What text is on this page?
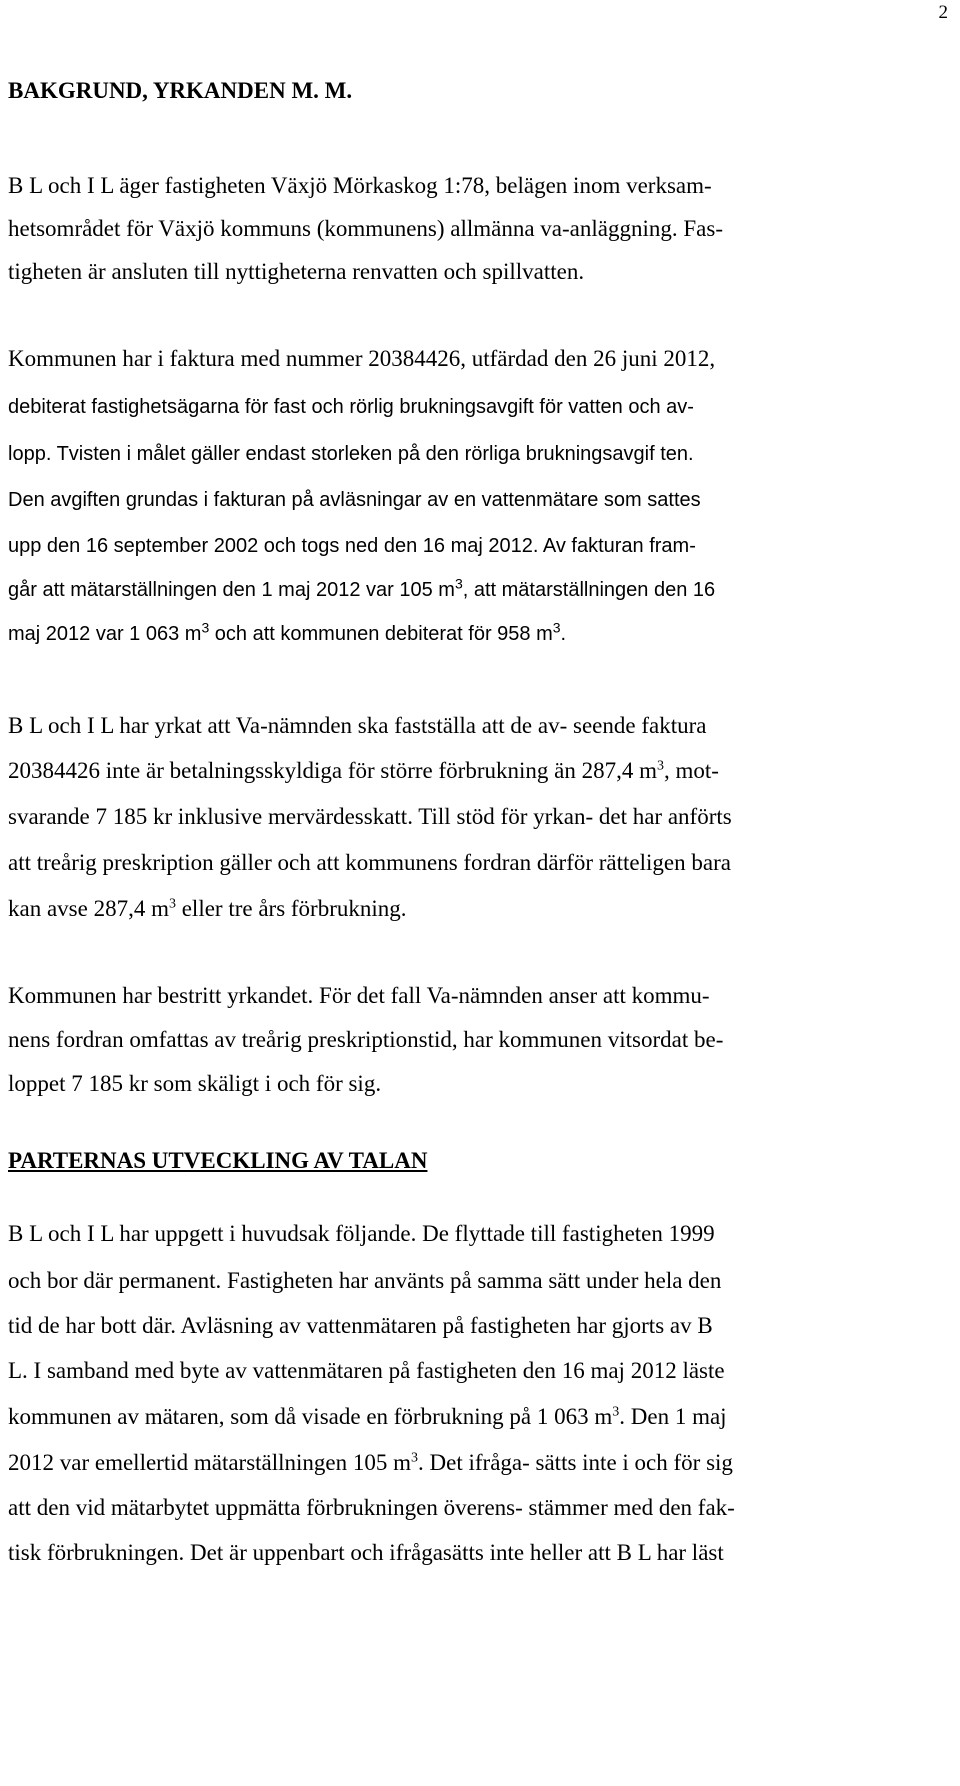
2
BAKGRUND, YRKANDEN M. M.
B L och I L äger fastigheten Växjö Mörkaskog 1:78, belägen inom verksam-
hetsområdet för Växjö kommuns (kommunens) allmänna va-anläggning. Fas-
tigheten är ansluten till nyttigheterna renvatten och spillvatten.
Kommunen har i faktura med nummer 20384426, utfärdad den 26 juni 2012,
debiterat fastighetsägarna för fast och rörlig brukningsavgift för vatten och av-
lopp. Tvisten i målet gäller endast storleken på den rörliga brukningsavgif ten.
Den avgiften grundas i fakturan på avläsningar av en vattenmätare som sattes
upp den 16 september 2002 och togs ned den 16 maj 2012. Av fakturan fram-
går att mätarställningen den 1 maj 2012 var 105 $m^3$, att mätarställningen den 16
maj 2012 var 1 063 $m^3$ och att kommunen debiterat för 958 $m^3$.
B L och I L har yrkat att Va-nämnden ska fastställa att de av- seende faktura
20384426 inte är betalningsskyldiga för större förbrukning än 287,4 $m^3$, mot-
svarande 7 185 kr inklusive mervärdesskatt. Till stöd för yrkan- det har anförts
att treårig preskription gäller och att kommunens fordran därför rätteligen bara
kan avse 287,4 $m^3$ eller tre års förbrukning.
Kommunen har bestritt yrkandet. För det fall Va-nämnden anser att kommu-
nens fordran omfattas av treårig preskriptionstid, har kommunen vitsordat be-
loppet 7 185 kr som skäligt i och för sig.
PARTERNAS UTVECKLING AV TALAN
B L och I L har uppgett i huvudsak följande. De flyttade till fastigheten 1999
och bor där permanent. Fastigheten har använts på samma sätt under hela den
tid de har bott där. Avläsning av vattenmätaren på fastigheten har gjorts av B
L. I samband med byte av vattenmätaren på fastigheten den 16 maj 2012 läste
kommunen av mätaren, som då visade en förbrukning på 1 063 $m^3$. Den 1 maj
2012 var emellertid mätarställningen 105 $m^3$. Det ifråga- sätts inte i och för sig
att den vid mätarbytet uppmätta förbrukningen överens- stämmer med den fak-
tisk förbrukningen. Det är uppenbart och ifrågasätts inte heller att B L har läst
